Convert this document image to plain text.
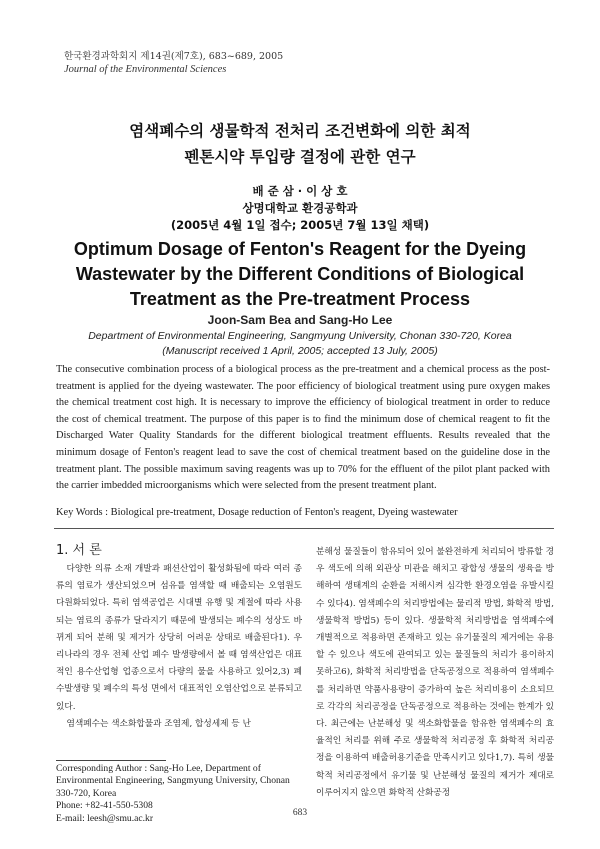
한국환경과학회지 제14권(제7호), 683~689, 2005
Journal of the Environmental Sciences
염색폐수의 생물학적 전처리 조건변화에 의한 최적
펜톤시약 투입량 결정에 관한 연구
배 준 삼 · 이 상 호
상명대학교 환경공학과
(2005년 4월 1일 접수; 2005년 7월 13일 채택)
Optimum Dosage of Fenton's Reagent for the Dyeing
Wastewater by the Different Conditions of Biological
Treatment as the Pre-treatment Process
Joon-Sam Bea and Sang-Ho Lee
Department of Environmental Engineering, Sangmyung University, Chonan 330-720, Korea
(Manuscript received 1 April, 2005; accepted 13 July, 2005)
The consecutive combination process of a biological process as the pre-treatment and a chemical process as the post-treatment is applied for the dyeing wastewater. The poor efficiency of biological treatment using pure oxygen makes the chemical treatment cost high. It is necessary to improve the efficiency of biological treatment in order to reduce the cost of chemical treatment. The purpose of this paper is to find the minimum dose of chemical reagent to fit the Discharged Water Quality Standards for the different biological treatment effluents. Results revealed that the minimum dosage of Fenton's reagent lead to save the cost of chemical treatment based on the guideline dose in the treatment plant. The possible maximum saving reagents was up to 70% for the effluent of the pilot plant packed with the carrier imbedded microorganisms which were selected from the present treatment plant.
Key Words : Biological pre-treatment, Dosage reduction of Fenton's reagent, Dyeing wastewater
1. 서 론

다양한 의류 소재 개발과 패션산업이 활성화됨에 따라 여러 종류의 염료가 생산되었으며 섬유를 염색할 때 배출되는 오염원도 다원화되었다. 특히 염색공업은 시대별 유행 및 계절에 따라 사용되는 염료의 종류가 달라지기 때문에 발생되는 폐수의 성상도 바뀌게 되어 분해 및 제거가 상당히 어려운 상태로 배출된다1). 우리나라의 경우 전체 산업 폐수 발생량에서 볼 때 염색산업은 대표적인 용수산업형 업종으로서 다량의 물을 사용하고 있어2,3) 폐수발생량 및 폐수의 특성 면에서 대표적인 오염산업으로 분류되고 있다.

염색폐수는 색소화합물과 조염제, 합성세제 등 난

분해성 물질들이 함유되어 있어 불완전하게 처리되어 방류할 경우 색도에 의해 외관상 미관을 해치고 광합성 생물의 생육을 방해하여 생태계의 순환을 저해시켜 심각한 환경오염을 유발시킬 수 있다4). 염색폐수의 처리방법에는 물리적 방법, 화학적 방법, 생물학적 방법5) 등이 있다. 생물학적 처리방법을 염색폐수에 개별적으로 적용하면 존재하고 있는 유기물질의 제거에는 유용할 수 있으나 색도에 관여되고 있는 물질들의 처리가 용이하지 못하고6), 화학적 처리방법을 단독공정으로 적용하여 염색폐수를 처리하면 약품사용량이 증가하여 높은 처리비용이 소요되므로 각각의 처리공정을 단독공정으로 적용하는 것에는 한계가 있다. 최근에는 난분해성 및 색소화합물을 함유한 염색폐수의 효율적인 처리를 위해 주로 생물학적 처리공정 후 화학적 처리공정을 이용하여 배출허용기준을 만족시키고 있다1,7). 특히 생물학적 처리공정에서 유기물 및 난분해성 물질의 제거가 제대로 이루어지지 않으면 화학적 산화공정

Corresponding Author : Sang-Ho Lee, Department of Environmental Engineering, Sangmyung University, Chonan 330-720, Korea
Phone: +82-41-550-5308
E-mail: leesh@smu.ac.kr	683
